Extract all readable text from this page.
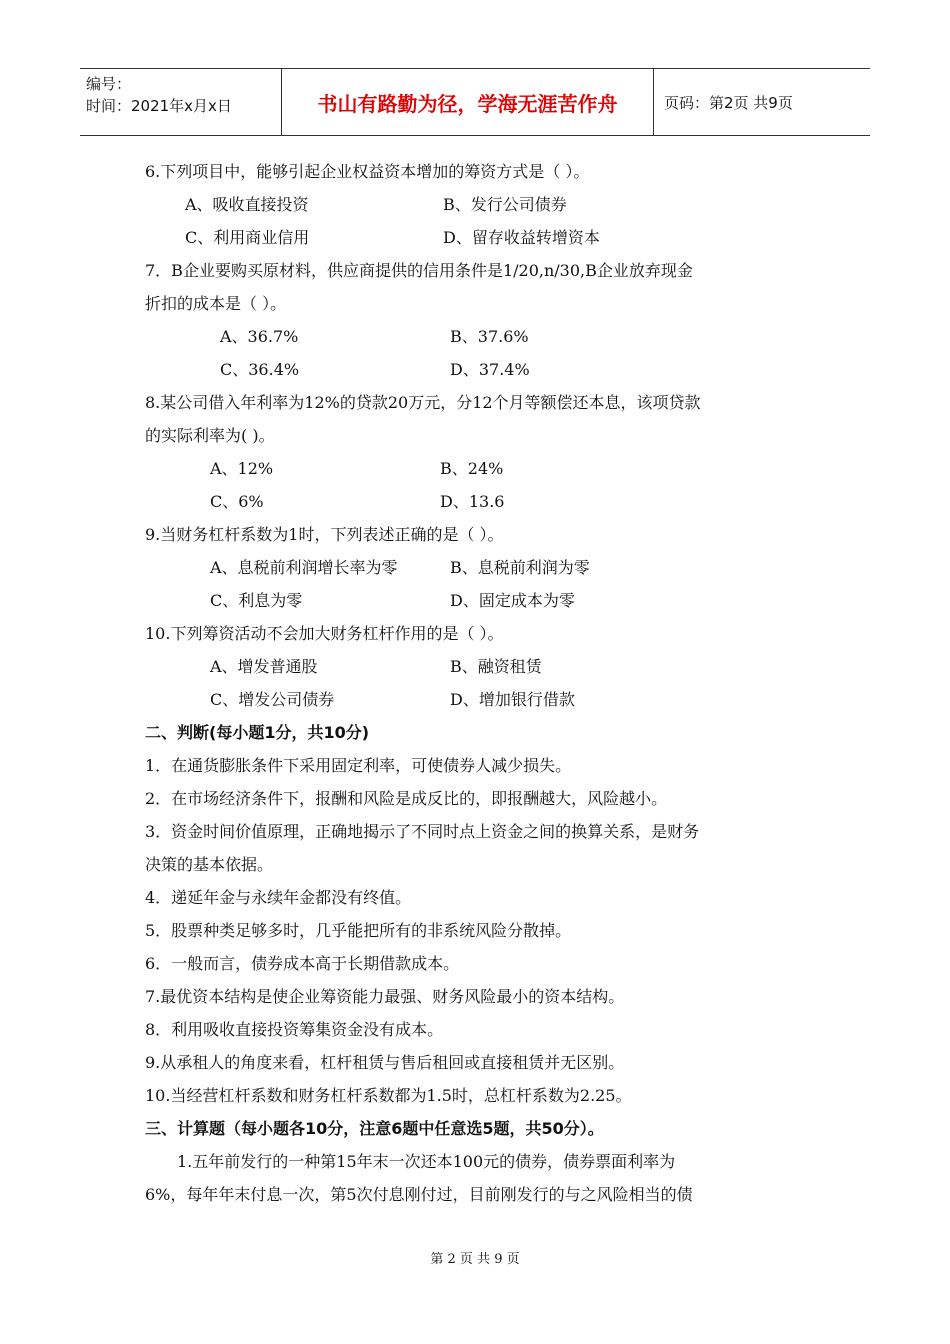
编号：
时间：2021年x月x日	书山有路勤为径，学海无涯苦作舟	页码：第2页 共9页
6.下列项目中，能够引起企业权益资本增加的筹资方式是（ ）。
A、吸收直接投资	B、发行公司债券
C、利用商业信用	D、留存收益转增资本
7．B企业要购买原材料，供应商提供的信用条件是1/20,n/30,B企业放弃现金
折扣的成本是（ ）。
A、36.7%	B、37.6%
C、36.4%	D、37.4%
8.某公司借入年利率为12%的贷款20万元，分12个月等额偿还本息，该项贷款
的实际利率为( )。
A、12%	B、24%
C、6%	D、13.6
9.当财务杠杆系数为1时，下列表述正确的是（ ）。
A、息税前利润增长率为零	B、息税前利润为零
C、利息为零	D、固定成本为零
10.下列筹资活动不会加大财务杠杆作用的是（ ）。
A、增发普通股	B、融资租赁
C、增发公司债券	D、增加银行借款
二、判断(每小题1分，共10分)
1．在通货膨胀条件下采用固定利率，可使债券人减少损失。
2．在市场经济条件下，报酬和风险是成反比的，即报酬越大，风险越小。
3．资金时间价值原理，正确地揭示了不同时点上资金之间的换算关系，是财务
决策的基本依据。
4．递延年金与永续年金都没有终值。
5．股票种类足够多时，几乎能把所有的非系统风险分散掉。
6．一般而言，债券成本高于长期借款成本。
7.最优资本结构是使企业筹资能力最强、财务风险最小的资本结构。
8．利用吸收直接投资筹集资金没有成本。
9.从承租人的角度来看，杠杆租赁与售后租回或直接租赁并无区别。
10.当经营杠杆系数和财务杠杆系数都为1.5时，总杠杆系数为2.25。
三、计算题（每小题各10分，注意6题中任意选5题，共50分）。
1.五年前发行的一种第15年末一次还本100元的债券，债券票面利率为
6%，每年年末付息一次，第5次付息刚付过，目前刚发行的与之风险相当的债
第 2 页 共 9 页
